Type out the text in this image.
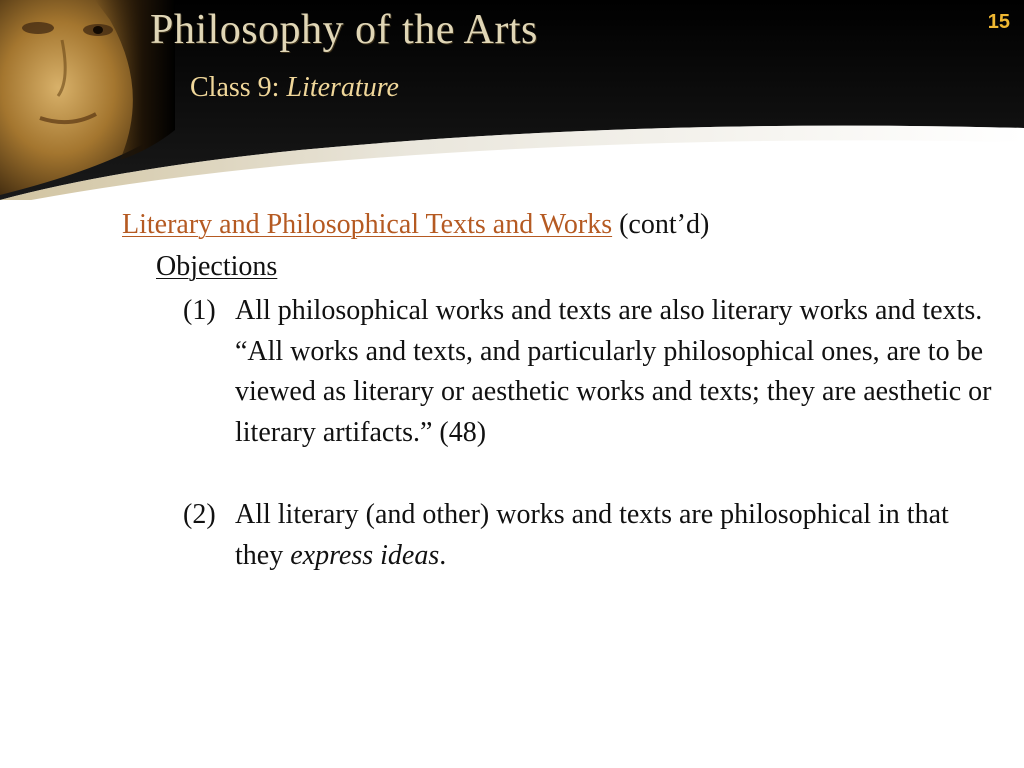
Philosophy of the Arts
Class 9: Literature
15
Literary and Philosophical Texts and Works (cont’d)
Objections
(1) All philosophical works and texts are also literary works and texts. “All works and texts, and particularly philosophical ones, are to be viewed as literary or aesthetic works and texts; they are aesthetic or literary artifacts.” (48)
(2) All literary (and other) works and texts are philosophical in that they express ideas.
